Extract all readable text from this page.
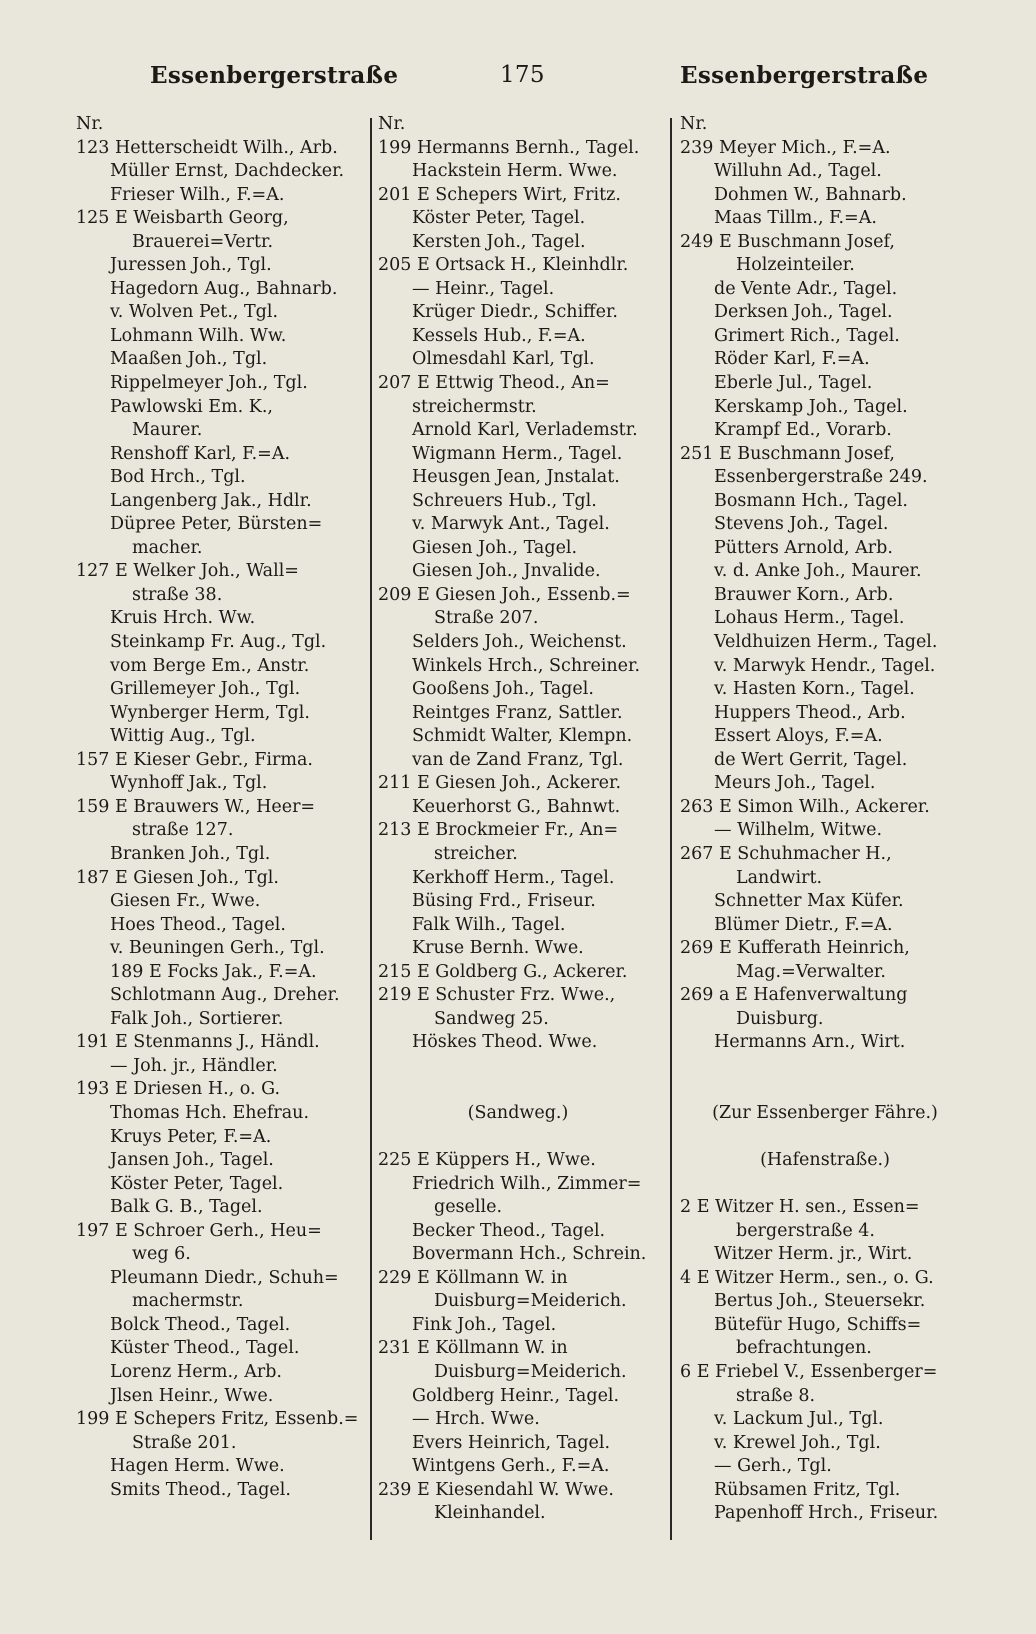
Essenbergerstraße	175	Essenbergerstraße
Nr.
123 Hetterscheidt Wilh., Arb.
Müller Ernst, Dachdecker.
Frieser Wilh., F.=A.
125 E Weisbarth Georg,
Brauerei=Vertr.
Juressen Joh., Tgl.
Hagedorn Aug., Bahnarb.
v. Wolven Pet., Tgl.
Lohmann Wilh. Ww.
Maaßen Joh., Tgl.
Rippelmeyer Joh., Tgl.
Pawlowski Em. K.,
Maurer.
Renshoff Karl, F.=A.
Bod Hrch., Tgl.
Langenberg Jak., Hdlr.
Düpree Peter, Bürsten=
macher.
127 E Welker Joh., Wall=
straße 38.
Kruis Hrch. Ww.
Steinkamp Fr. Aug., Tgl.
vom Berge Em., Anstr.
Grillemeyer Joh., Tgl.
Wynberger Herm, Tgl.
Wittig Aug., Tgl.
157 E Kieser Gebr., Firma.
Wynhoff Jak., Tgl.
159 E Brauwers W., Heer=
straße 127.
Branken Joh., Tgl.
187 E Giesen Joh., Tgl.
Giesen Fr., Wwe.
Hoes Theod., Tagel.
v. Beuningen Gerh., Tgl.
189 E Focks Jak., F.=A.
Schlotmann Aug., Dreher.
Falk Joh., Sortierer.
191 E Stenmanns J., Händl.
— Joh. jr., Händler.
193 E Driesen H., o. G.
Thomas Hch. Ehefrau.
Kruys Peter, F.=A.
Jansen Joh., Tagel.
Köster Peter, Tagel.
Balk G. B., Tagel.
197 E Schroer Gerh., Heu=
weg 6.
Pleumann Diedr., Schuh=
machermstr.
Bolck Theod., Tagel.
Küster Theod., Tagel.
Lorenz Herm., Arb.
Jlsen Heinr., Wwe.
199 E Schepers Fritz, Essenb.=
Straße 201.
Hagen Herm. Wwe.
Smits Theod., Tagel.
Nr.
199 Hermanns Bernh., Tagel.
Hackstein Herm. Wwe.
201 E Schepers Wirt, Fritz.
Köster Peter, Tagel.
Kersten Joh., Tagel.
205 E Ortsack H., Kleinhdlr.
— Heinr., Tagel.
Krüger Diedr., Schiffer.
Kessels Hub., F.=A.
Olmesdahl Karl, Tgl.
207 E Ettwig Theod., An=
streichermstr.
Arnold Karl, Verlademstr.
Wigmann Herm., Tagel.
Heusgen Jean, Jnstalat.
Schreuers Hub., Tgl.
v. Marwyk Ant., Tagel.
Giesen Joh., Tagel.
Giesen Joh., Jnvalide.
209 E Giesen Joh., Essenb.=
Straße 207.
Selders Joh., Weichenst.
Winkels Hrch., Schreiner.
Gooßens Joh., Tagel.
Reintges Franz, Sattler.
Schmidt Walter, Klempn.
van de Zand Franz, Tgl.
211 E Giesen Joh., Ackerer.
Keuerhorst G., Bahnwt.
213 E Brockmeier Fr., An=
streicher.
Kerkhoff Herm., Tagel.
Büsing Frd., Friseur.
Falk Wilh., Tagel.
Kruse Bernh. Wwe.
215 E Goldberg G., Ackerer.
219 E Schuster Frz. Wwe.,
Sandweg 25.
Höskes Theod. Wwe.
(Sandweg.)
225 E Küppers H., Wwe.
Friedrich Wilh., Zimmer=
geselle.
Becker Theod., Tagel.
Bovermann Hch., Schrein.
229 E Köllmann W. in
Duisburg=Meiderich.
Fink Joh., Tagel.
231 E Köllmann W. in
Duisburg=Meiderich.
Goldberg Heinr., Tagel.
— Hrch. Wwe.
Evers Heinrich, Tagel.
Wintgens Gerh., F.=A.
239 E Kiesendahl W. Wwe.
Kleinhandel.
Nr.
239 Meyer Mich., F.=A.
Willuhn Ad., Tagel.
Dohmen W., Bahnarb.
Maas Tillm., F.=A.
249 E Buschmann Josef,
Holzeinteiler.
de Vente Adr., Tagel.
Derksen Joh., Tagel.
Grimert Rich., Tagel.
Röder Karl, F.=A.
Eberle Jul., Tagel.
Kerskamp Joh., Tagel.
Krampf Ed., Vorarb.
251 E Buschmann Josef,
Essenbergerstraße 249.
Bosmann Hch., Tagel.
Stevens Joh., Tagel.
Pütters Arnold, Arb.
v. d. Anke Joh., Maurer.
Brauwer Korn., Arb.
Lohaus Herm., Tagel.
Veldhuizen Herm., Tagel.
v. Marwyk Hendr., Tagel.
v. Hasten Korn., Tagel.
Huppers Theod., Arb.
Essert Aloys, F.=A.
de Wert Gerrit, Tagel.
Meurs Joh., Tagel.
263 E Simon Wilh., Ackerer.
— Wilhelm, Witwe.
267 E Schuhmacher H.,
Landwirt.
Schnetter Max Küfer.
Blümer Dietr., F.=A.
269 E Kufferath Heinrich,
Mag.=Verwalter.
269 a E Hafenverwaltung
Duisburg.
Hermanns Arn., Wirt.
(Zur Essenberger Fähre.)
(Hafenstraße.)
2 E Witzer H. sen., Essen=
bergerstraße 4.
Witzer Herm. jr., Wirt.
4 E Witzer Herm., sen., o. G.
Bertus Joh., Steuersekr.
Bütefür Hugo, Schiffs=
befrachtungen.
6 E Friebel V., Essenberger=
straße 8.
v. Lackum Jul., Tgl.
v. Krewel Joh., Tgl.
— Gerh., Tgl.
Rübsamen Fritz, Tgl.
Papenhoff Hrch., Friseur.
